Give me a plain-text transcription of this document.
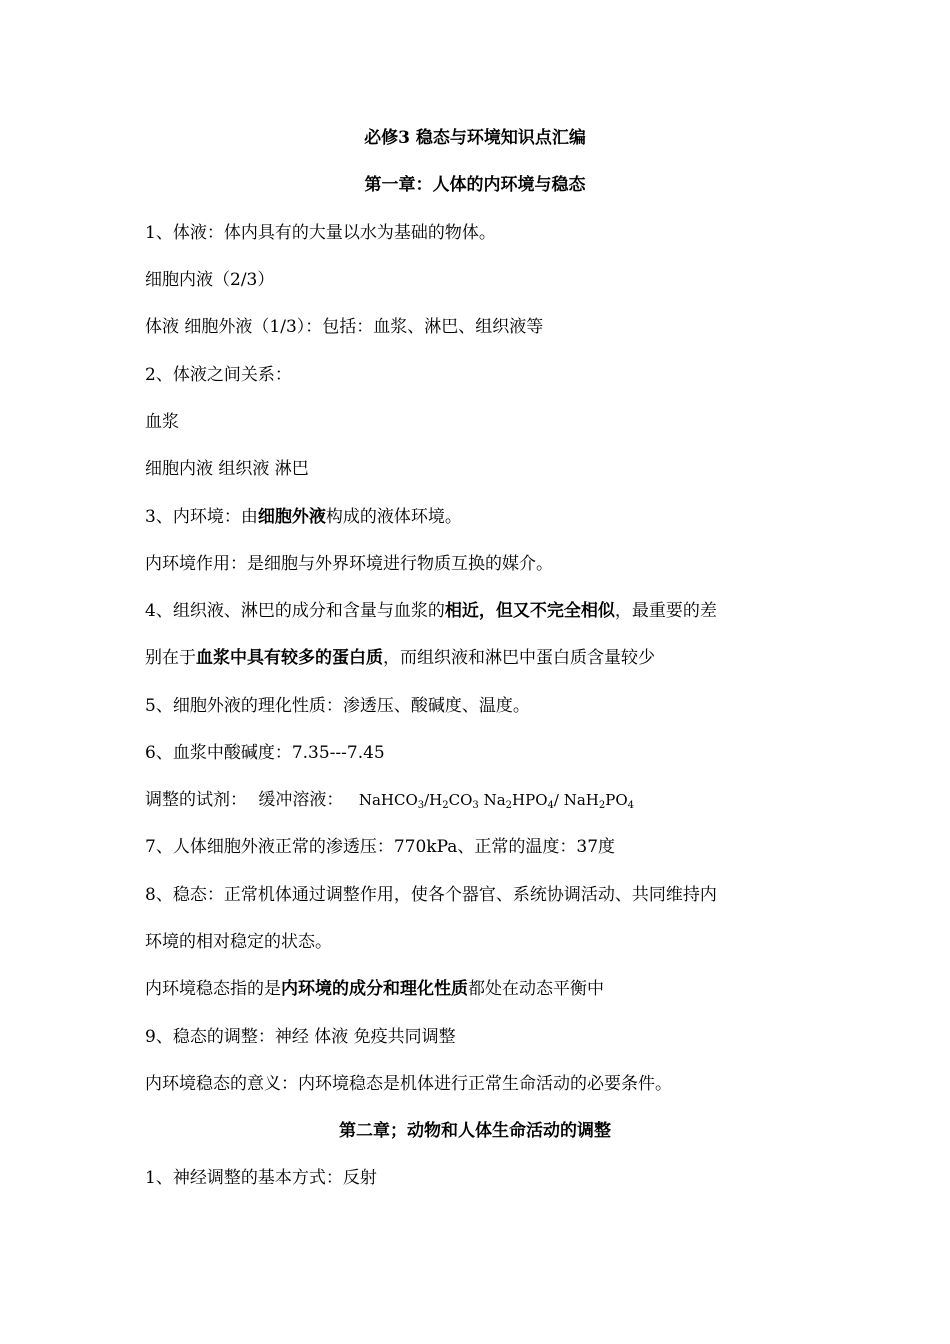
必修3 稳态与环境知识点汇编
第一章：人体的内环境与稳态
1、体液：体内具有的大量以水为基础的物体。
细胞内液（2/3）
体液 细胞外液（1/3）：包括：血浆、淋巴、组织液等
2、体液之间关系：
血浆
细胞内液 组织液 淋巴
3、内环境：由细胞外液构成的液体环境。
内环境作用：是细胞与外界环境进行物质互换的媒介。
4、组织液、淋巴的成分和含量与血浆的相近，但又不完全相似，最重要的差
别在于血浆中具有较多的蛋白质，而组织液和淋巴中蛋白质含量较少
5、细胞外液的理化性质：渗透压、酸碱度、温度。
6、血浆中酸碱度：7.35---7.45
调整的试剂： 缓冲溶液： $NaHCO_3/H_2CO_3$ $Na_2HPO_4/$ $NaH_2PO_4$
7、人体细胞外液正常的渗透压：770kPa、正常的温度：37度
8、稳态：正常机体通过调整作用，使各个器官、系统协调活动、共同维持内
环境的相对稳定的状态。
内环境稳态指的是内环境的成分和理化性质都处在动态平衡中
9、稳态的调整：神经 体液 免疫共同调整
内环境稳态的意义：内环境稳态是机体进行正常生命活动的必要条件。
第二章；动物和人体生命活动的调整
1、神经调整的基本方式：反射
